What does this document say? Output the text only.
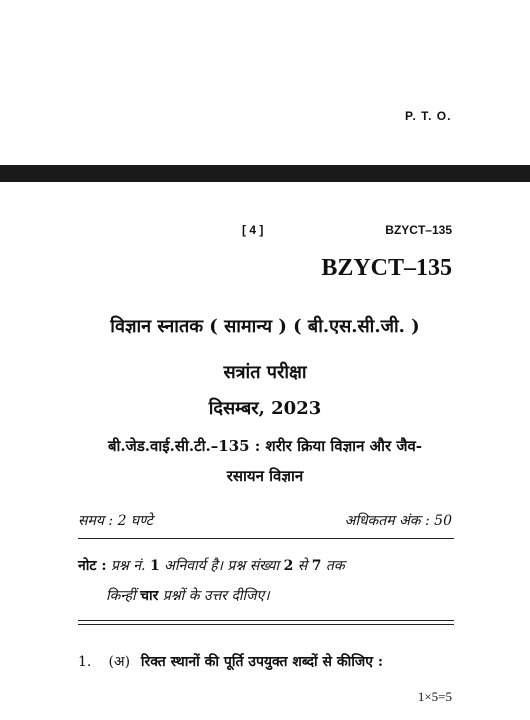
P. T. O.
[ 4 ]	BZYCT–135
BZYCT–135
विज्ञान स्नातक ( सामान्य ) ( बी.एस.सी.जी. )
सत्रांत परीक्षा
दिसम्बर, 2023
बी.जेड.वाई.सी.टी.–135 : शरीर क्रिया विज्ञान और जैव-
रसायन विज्ञान
समय : 2 घण्टे	अधिकतम अंक : 50
नोट : प्रश्न नं. 1 अनिवार्य है। प्रश्न संख्या 2 से 7 तक
किन्हीं चार प्रश्नों के उत्तर दीजिए।
1. (अ) रिक्त स्थानों की पूर्ति उपयुक्त शब्दों से कीजिए :
1×5=5
